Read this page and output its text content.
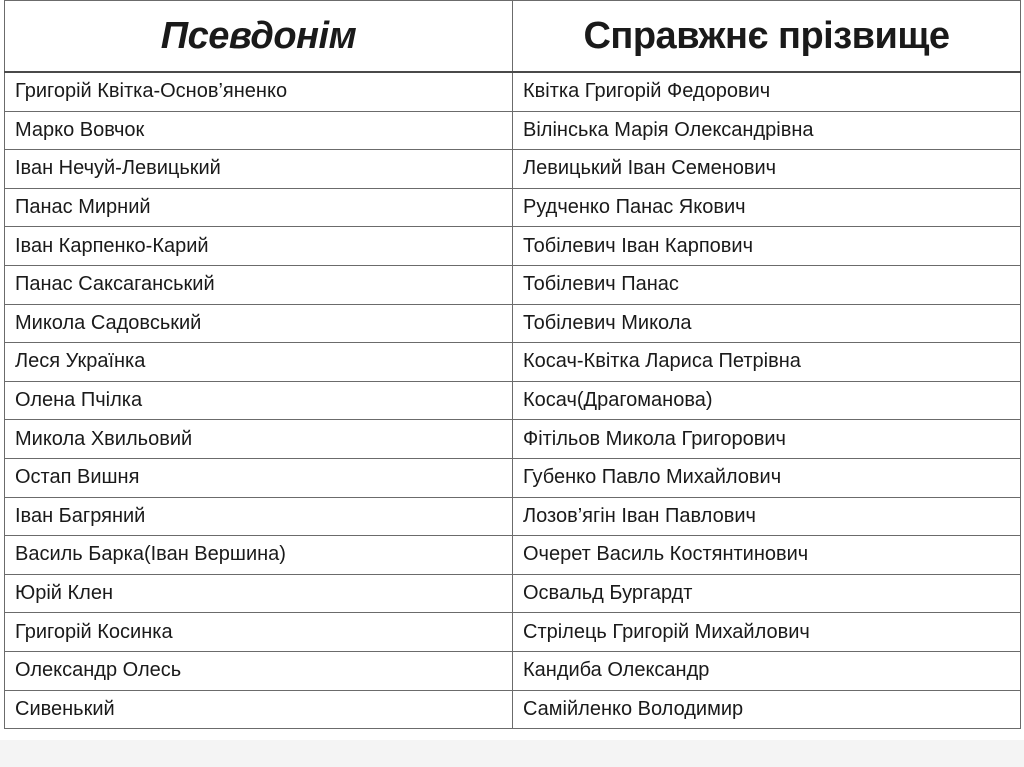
Псевдонім	Справжнє прізвище
Григорій Квітка-Основ’яненко	Квітка Григорій Федорович
Марко Вовчок	Вілінська Марія Олександрівна
Іван Нечуй-Левицький	Левицький Іван Семенович
Панас Мирний	Рудченко Панас Якович
Іван Карпенко-Карий	Тобілевич Іван Карпович
Панас Саксаганський	Тобілевич Панас
Микола Садовський	Тобілевич Микола
Леся Українка	Косач-Квітка Лариса Петрівна
Олена Пчілка	Косач(Драгоманова)
Микола Хвильовий	Фітільов Микола Григорович
Остап Вишня	Губенко Павло Михайлович
Іван Багряний	Лозов’ягін Іван Павлович
Василь Барка(Іван Вершина)	Очерет Василь Костянтинович
Юрій Клен	Освальд Бургардт
Григорій Косинка	Стрілець Григорій Михайлович
Олександр Олесь	Кандиба Олександр
Сивенький	Самійленко Володимир
